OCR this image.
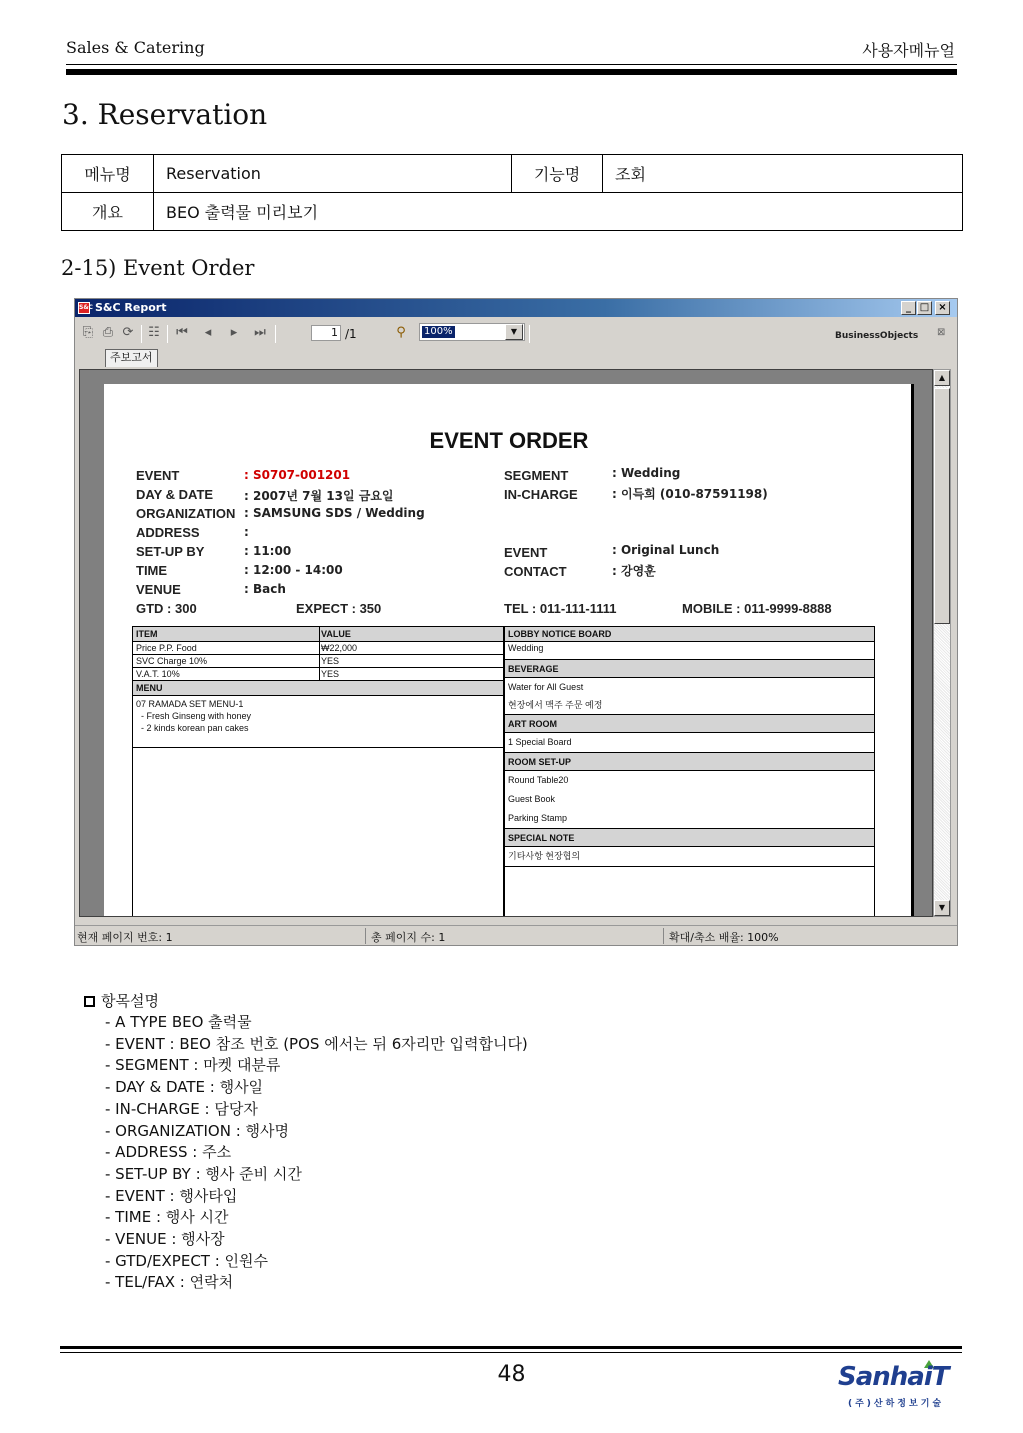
Sales & Catering	사용자메뉴얼
3. Reservation
메뉴명	Reservation	기능명	조회
개요	BEO 출력물 미리보기		
2-15) Event Order
S&C S&C Report	_ □ ×
⎘ ⎙ ⟳ ☷ ⏮ ◂ ▸ ⏭	1 /1	⚲	100%	▼	BusinessObjects ⊠
주보고서
EVENT ORDER
EVENT	: S0707-001201
DAY & DATE	: 2007년 7월 13일 금요일
ORGANIZATION : SAMSUNG SDS / Wedding
ADDRESS	:
SET-UP BY	: 11:00
TIME	: 12:00 - 14:00
VENUE	: Bach
GTD : 300	EXPECT : 350
SEGMENT	: Wedding
IN-CHARGE	: 이득희 (010-87591198)
EVENT	: Original Lunch
CONTACT	: 강영훈
TEL : 011-111-1111	MOBILE : 011-9999-8888
ITEM	VALUE
Price P.P. Food	₩22,000
SVC Charge 10%	YES
V.A.T. 10%	YES
MENU
07 RAMADA SET MENU-1
- Fresh Ginseng with honey
- 2 kinds korean pan cakes
LOBBY NOTICE BOARD
Wedding
BEVERAGE
Water for All Guest
현장에서 맥주 주문 예정
ART ROOM
1 Special Board
ROOM SET-UP
Round Table20
Guest Book
Parking Stamp
SPECIAL NOTE
기타사항 현장협의
▲
▼
현재 페이지 번호: 1	총 페이지 수: 1	확대/축소 배율: 100%
항목설명
- A TYPE BEO 출력물
- EVENT : BEO 참조 번호 (POS 에서는 뒤 6자리만 입력합니다)
- SEGMENT : 마켓 대분류
- DAY & DATE : 행사일
- IN-CHARGE : 담당자
- ORGANIZATION : 행사명
- ADDRESS : 주소
- SET-UP BY : 행사 준비 시간
- EVENT : 행사타입
- TIME : 행사 시간
- VENUE : 행사장
- GTD/EXPECT : 인원수
- TEL/FAX : 연락처
48	SanhaiT
(주)산하정보기술
